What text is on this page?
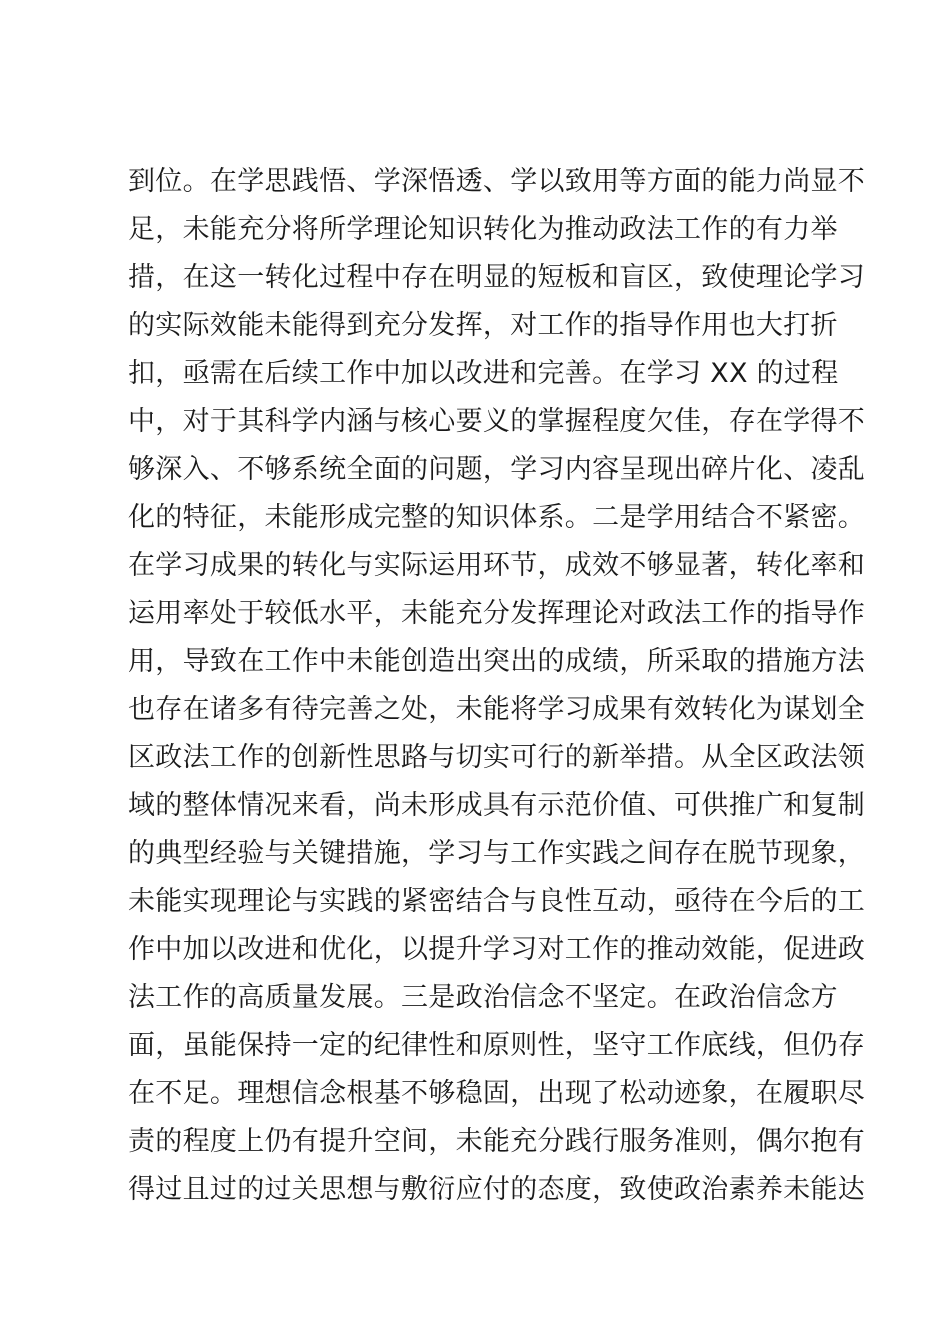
到位。在学思践悟、学深悟透、学以致用等方面的能力尚显不
足，未能充分将所学理论知识转化为推动政法工作的有力举
措，在这一转化过程中存在明显的短板和盲区，致使理论学习
的实际效能未能得到充分发挥，对工作的指导作用也大打折
扣，亟需在后续工作中加以改进和完善。在学习 XX 的过程
中，对于其科学内涵与核心要义的掌握程度欠佳，存在学得不
够深入、不够系统全面的问题，学习内容呈现出碎片化、凌乱
化的特征，未能形成完整的知识体系。二是学用结合不紧密。
在学习成果的转化与实际运用环节，成效不够显著，转化率和
运用率处于较低水平，未能充分发挥理论对政法工作的指导作
用，导致在工作中未能创造出突出的成绩，所采取的措施方法
也存在诸多有待完善之处，未能将学习成果有效转化为谋划全
区政法工作的创新性思路与切实可行的新举措。从全区政法领
域的整体情况来看，尚未形成具有示范价值、可供推广和复制
的典型经验与关键措施，学习与工作实践之间存在脱节现象，
未能实现理论与实践的紧密结合与良性互动，亟待在今后的工
作中加以改进和优化，以提升学习对工作的推动效能，促进政
法工作的高质量发展。三是政治信念不坚定。在政治信念方
面，虽能保持一定的纪律性和原则性，坚守工作底线，但仍存
在不足。理想信念根基不够稳固，出现了松动迹象，在履职尽
责的程度上仍有提升空间，未能充分践行服务准则，偶尔抱有
得过且过的过关思想与敷衍应付的态度，致使政治素养未能达
